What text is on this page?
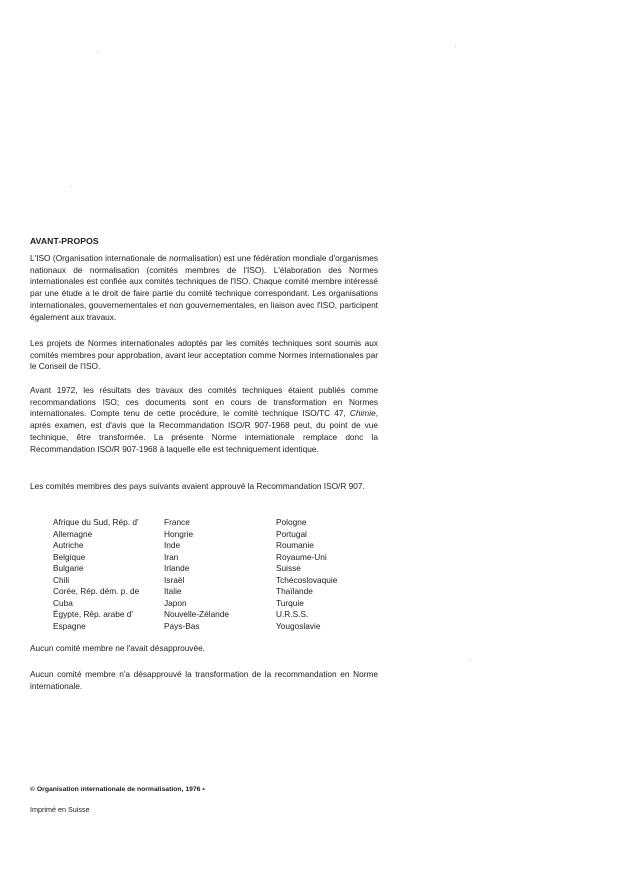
AVANT-PROPOS

L'ISO (Organisation internationale de normalisation) est une fédération mondiale d'organismes nationaux de normalisation (comités membres de l'ISO). L'élaboration des Normes internationales est confiée aux comités techniques de l'ISO. Chaque comité membre intéressé par une étude a le droit de faire partie du comité technique correspondant. Les organisations internationales, gouvernementales et non gouvernementales, en liaison avec l'ISO, participent également aux travaux.

Les projets de Normes internationales adoptés par les comités techniques sont soumis aux comités membres pour approbation, avant leur acceptation comme Normes internationales par le Conseil de l'ISO.

Avant 1972, les résultats des travaux des comités techniques étaient publiés comme recommandations ISO; ces documents sont en cours de transformation en Normes internationales. Compte tenu de cette procédure, le comité technique ISO/TC 47, Chimie, après examen, est d'avis que la Recommandation ISO/R 907-1968 peut, du point de vue technique, être transformée. La présente Norme internationale remplace donc la Recommandation ISO/R 907-1968 à laquelle elle est techniquement identique.

Les comités membres des pays suivants avaient approuvé la Recommandation ISO/R 907.

Afrique du Sud, Rép. d'
Allemagne
Autriche
Belgique
Bulgarie
Chili
Corée, Rép. dém. p. de
Cuba
Égypte, Rép. arabe d'
Espagne
France
Hongrie
Inde
Iran
Irlande
Israël
Italie
Japon
Nouvelle-Zélande
Pays-Bas
Pologne
Portugal
Roumanie
Royaume-Uni
Suisse
Tchécoslovaquie
Thaïlande
Turquie
U.R.S.S.
Yougoslavie

Aucun comité membre ne l'avait désapprouvée.

Aucun comité membre n'a désapprouvé la transformation de la recommandation en Norme internationale.

© Organisation internationale de normalisation, 1976 •
Imprimé en Suisse
